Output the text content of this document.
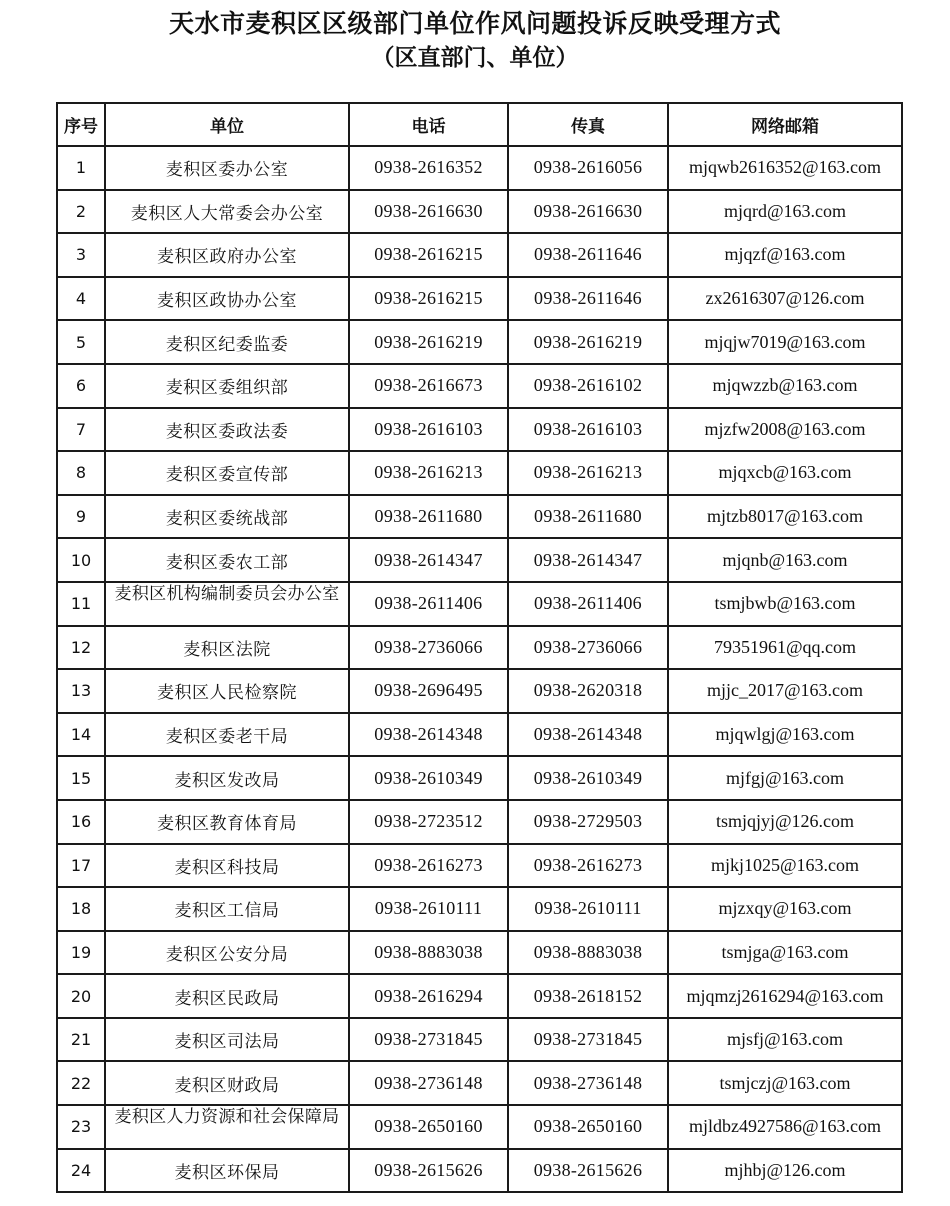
天水市麦积区区级部门单位作风问题投诉反映受理方式
（区直部门、单位）
序号	单位	电话	传真	网络邮箱
1	麦积区委办公室	0938-2616352	0938-2616056	mjqwb2616352@163.com
2	麦积区人大常委会办公室	0938-2616630	0938-2616630	mjqrd@163.com
3	麦积区政府办公室	0938-2616215	0938-2611646	mjqzf@163.com
4	麦积区政协办公室	0938-2616215	0938-2611646	zx2616307@126.com
5	麦积区纪委监委	0938-2616219	0938-2616219	mjqjw7019@163.com
6	麦积区委组织部	0938-2616673	0938-2616102	mjqwzzb@163.com
7	麦积区委政法委	0938-2616103	0938-2616103	mjzfw2008@163.com
8	麦积区委宣传部	0938-2616213	0938-2616213	mjqxcb@163.com
9	麦积区委统战部	0938-2611680	0938-2611680	mjtzb8017@163.com
10	麦积区委农工部	0938-2614347	0938-2614347	mjqnb@163.com
11	麦积区机构编制委员会办公室	0938-2611406	0938-2611406	tsmjbwb@163.com
12	麦积区法院	0938-2736066	0938-2736066	79351961@qq.com
13	麦积区人民检察院	0938-2696495	0938-2620318	mjjc_2017@163.com
14	麦积区委老干局	0938-2614348	0938-2614348	mjqwlgj@163.com
15	麦积区发改局	0938-2610349	0938-2610349	mjfgj@163.com
16	麦积区教育体育局	0938-2723512	0938-2729503	tsmjqjyj@126.com
17	麦积区科技局	0938-2616273	0938-2616273	mjkj1025@163.com
18	麦积区工信局	0938-2610111	0938-2610111	mjzxqy@163.com
19	麦积区公安分局	0938-8883038	0938-8883038	tsmjga@163.com
20	麦积区民政局	0938-2616294	0938-2618152	mjqmzj2616294@163.com
21	麦积区司法局	0938-2731845	0938-2731845	mjsfj@163.com
22	麦积区财政局	0938-2736148	0938-2736148	tsmjczj@163.com
23	麦积区人力资源和社会保障局	0938-2650160	0938-2650160	mjldbz4927586@163.com
24	麦积区环保局	0938-2615626	0938-2615626	mjhbj@126.com
